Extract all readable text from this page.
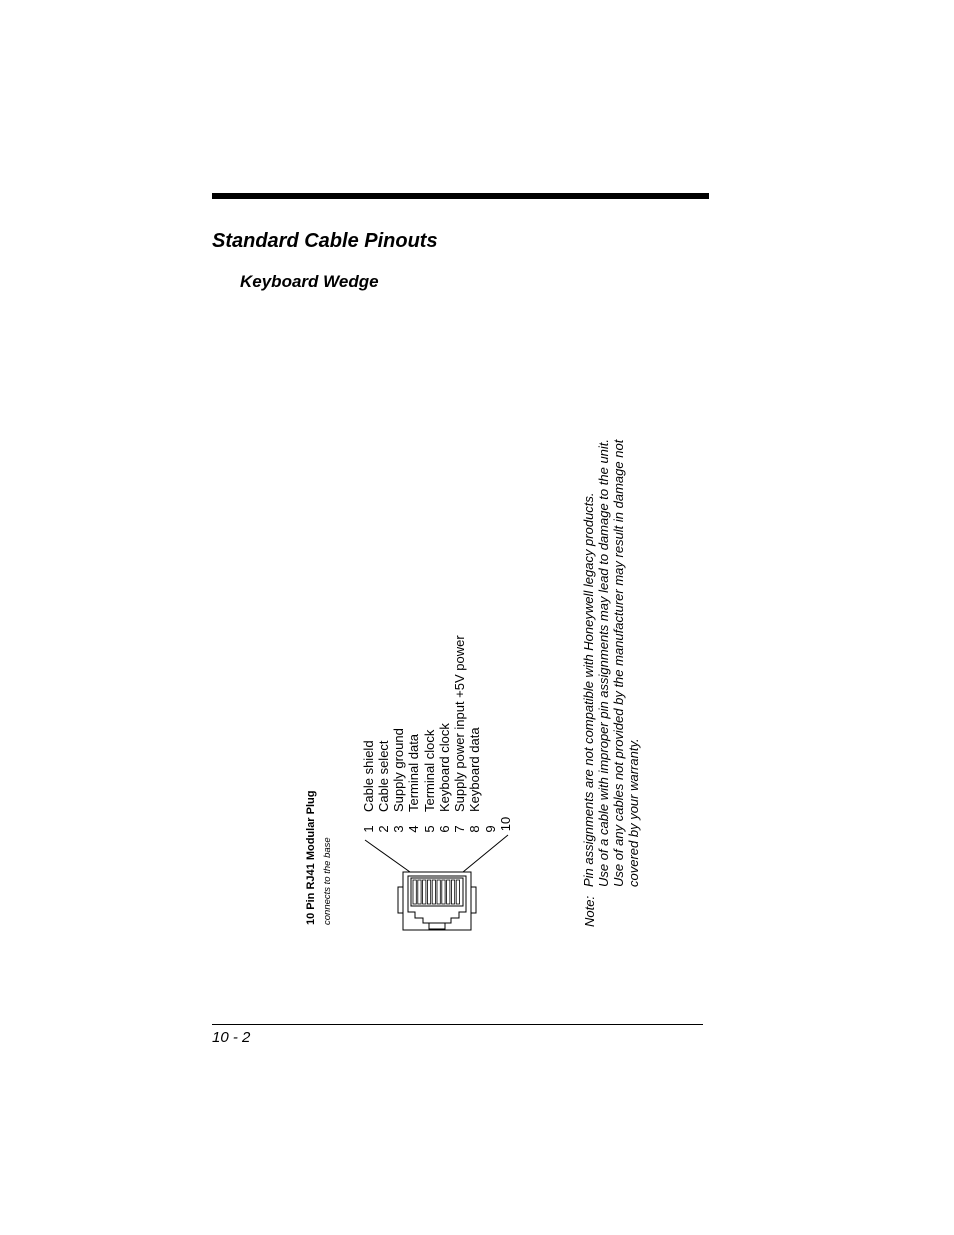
Standard Cable Pinouts
Keyboard Wedge
10 Pin RJ41 Modular Plug connects to the base
1Cable shield
2Cable select
3Supply ground
4Terminal data
5Terminal clock
6Keyboard clock
7Supply power input +5V power
8Keyboard data
9 10
Note:
Pin assignments are not compatible with Honeywell legacy products. Use of a cable with improper pin assignments may lead to damage to the unit. Use of any cables not provided by the manufacturer may result in damage not covered by your warranty.
10 - 2
